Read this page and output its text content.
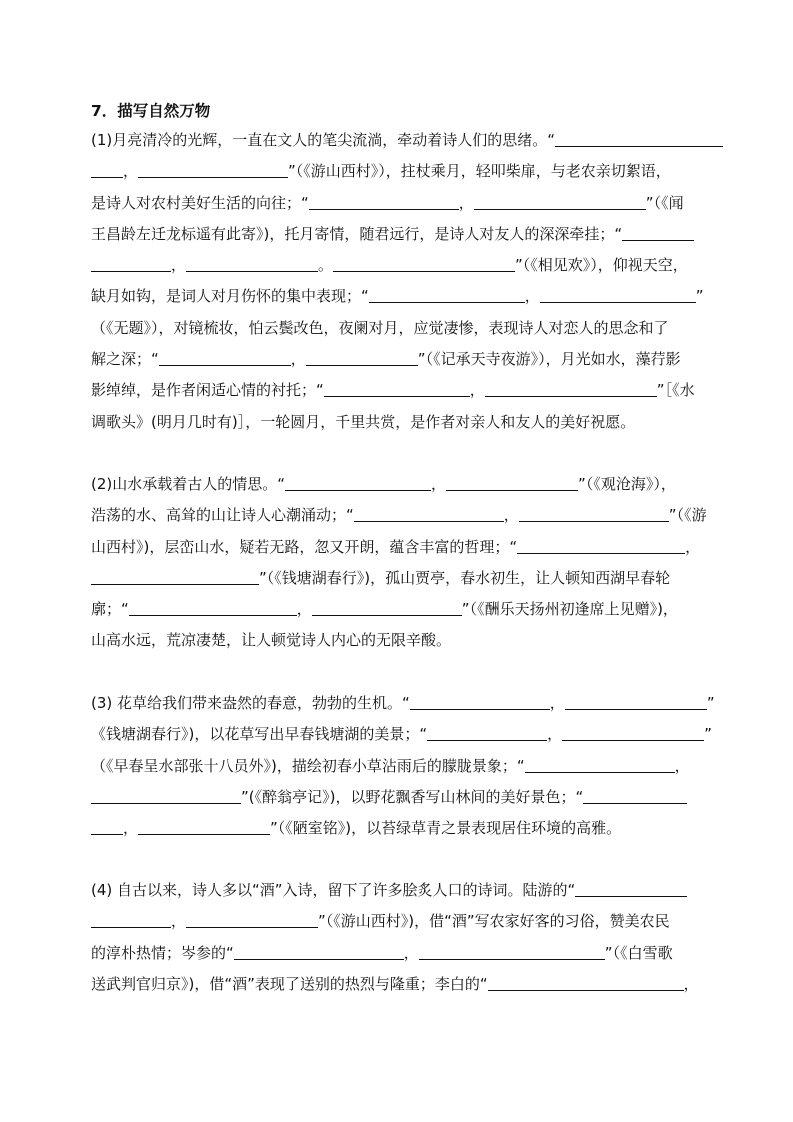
7．描写自然万物
(1)月亮清冷的光辉，一直在文人的笔尖流淌，牵动着诗人们的思绪。“
，	”（《游山西村》），拄杖乘月，轻叩柴扉，与老农亲切絮语，
是诗人对农村美好生活的向往；“	，	”（《闻
王昌龄左迁龙标遥有此寄》)，托月寄情，随君远行，是诗人对友人的深深牵挂；“
，	。	”（《相见欢》），仰视天空，
缺月如钩，是词人对月伤怀的集中表现；“	，	”
（《无题》），对镜梳妆，怕云鬓改色，夜阑对月，应觉凄惨，表现诗人对恋人的思念和了
解之深；“	，	”（《记承天寺夜游》），月光如水，藻荇影
影绰绰，是作者闲适心情的衬托；“	，	”［《水
调歌头》(明月几时有)］，一轮圆月，千里共赏，是作者对亲人和友人的美好祝愿。
(2)山水承载着古人的情思。“	，	”（《观沧海》），
浩荡的水、高耸的山让诗人心潮涌动；“	，	”（《游
山西村》)，层峦山水，疑若无路，忽又开朗，蕴含丰富的哲理；“	，
”（《钱塘湖春行》)，孤山贾亭，春水初生，让人顿知西湖早春轮
廓；“	，	”（《酬乐天扬州初逢席上见赠》)，
山高水远，荒凉凄楚，让人顿觉诗人内心的无限辛酸。
(3) 花草给我们带来盎然的春意，勃勃的生机。“	，	”
《钱塘湖春行》)，以花草写出早春钱塘湖的美景；“	，	”
（《早春呈水部张十八员外》)，描绘初春小草沾雨后的朦胧景象；“	，
”(《醉翁亭记》)，以野花飘香写山林间的美好景色；“
，	”（《陋室铭》)，以苔绿草青之景表现居住环境的高雅。
(4) 自古以来，诗人多以“酒”入诗，留下了许多脍炙人口的诗词。陆游的“
，	”（《游山西村》)，借“酒”写农家好客的习俗，赞美农民
的淳朴热情；岑参的“	，	”（《白雪歌
送武判官归京》)，借“酒”表现了送别的热烈与隆重；李白的“	，
